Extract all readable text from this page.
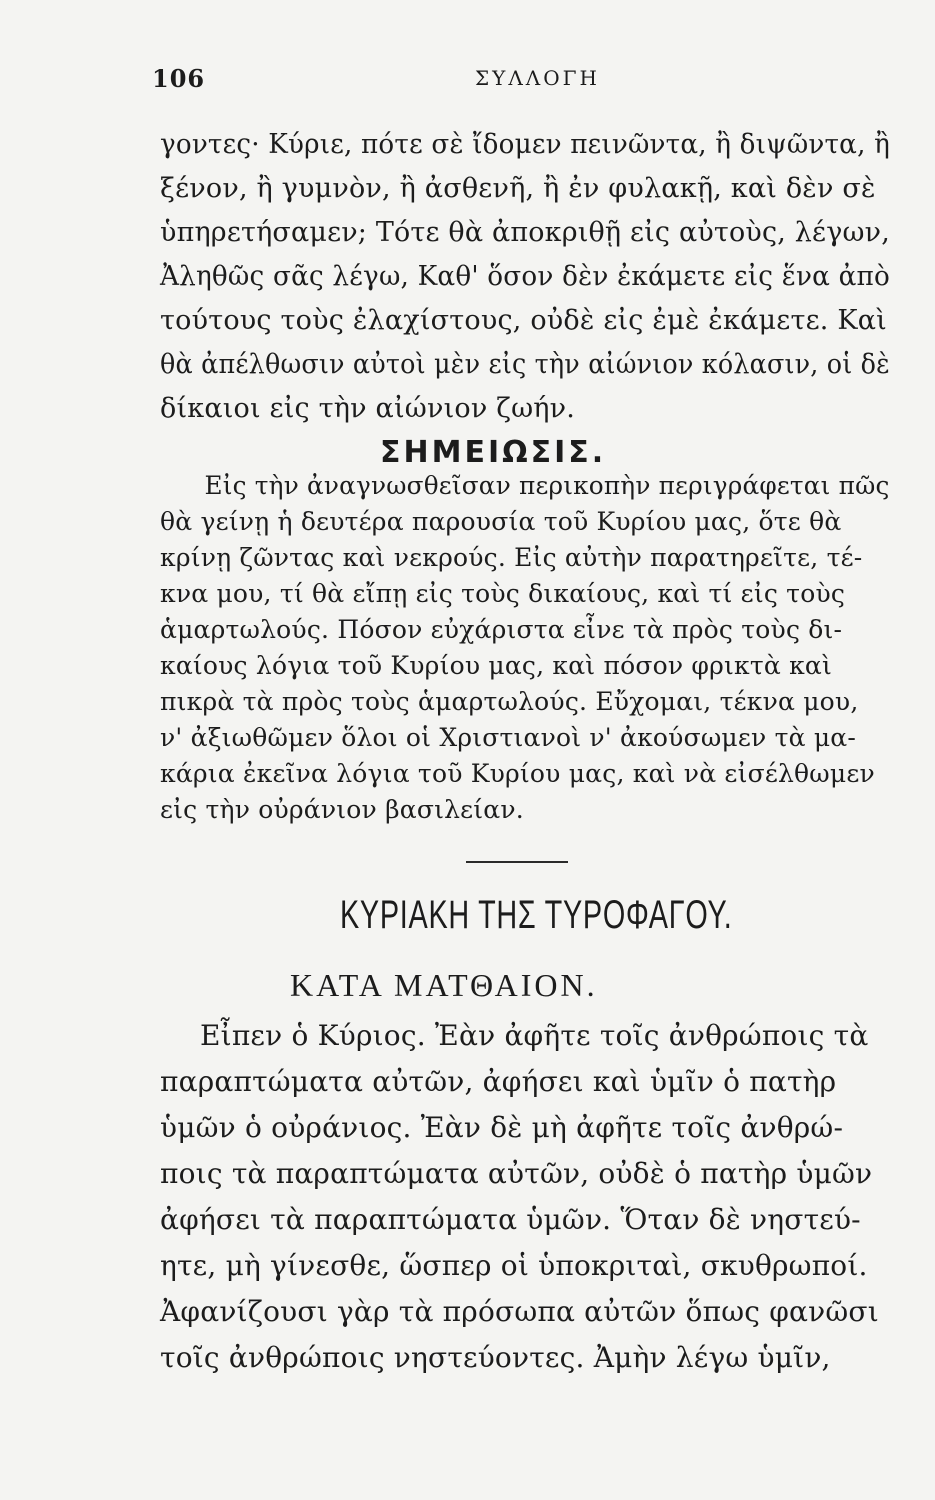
106	ΣΥΛΛΟΓΗ
γοντες· Κύριε, πότε σὲ ἴδομεν πεινῶντα, ἢ διψῶντα, ἢ
ξένον, ἢ γυμνὸν, ἢ ἀσθενῆ, ἢ ἐν φυλακῇ, καὶ δὲν σὲ
ὑπηρετήσαμεν; Τότε θὰ ἀποκριθῇ εἰς αὐτοὺς, λέγων,
Ἀληθῶς σᾶς λέγω, Καθ' ὅσον δὲν ἐκάμετε εἰς ἕνα ἀπὸ
τούτους τοὺς ἐλαχίστους, οὐδὲ εἰς ἐμὲ ἐκάμετε. Καὶ
θὰ ἀπέλθωσιν αὐτοὶ μὲν εἰς τὴν αἰώνιον κόλασιν, οἱ δὲ
δίκαιοι εἰς τὴν αἰώνιον ζωήν.
ΣΗΜΕΙΩΣΙΣ.
Εἰς τὴν ἀναγνωσθεῖσαν περικοπὴν περιγράφεται πῶς
θὰ γείνῃ ἡ δευτέρα παρουσία τοῦ Κυρίου μας, ὅτε θὰ
κρίνῃ ζῶντας καὶ νεκρούς. Εἰς αὐτὴν παρατηρεῖτε, τέ-
κνα μου, τί θὰ εἴπῃ εἰς τοὺς δικαίους, καὶ τί εἰς τοὺς
ἁμαρτωλούς. Πόσον εὐχάριστα εἶνε τὰ πρὸς τοὺς δι-
καίους λόγια τοῦ Κυρίου μας, καὶ πόσον φρικτὰ καὶ
πικρὰ τὰ πρὸς τοὺς ἁμαρτωλούς. Εὔχομαι, τέκνα μου,
ν' ἀξιωθῶμεν ὅλοι οἱ Χριστιανοὶ ν' ἀκούσωμεν τὰ μα-
κάρια ἐκεῖνα λόγια τοῦ Κυρίου μας, καὶ νὰ εἰσέλθωμεν
εἰς τὴν οὐράνιον βασιλείαν.
ΚΥΡΙΑΚΗ ΤΗΣ ΤΥΡΟΦΑΓΟΥ.
ΚΑΤΑ ΜΑΤΘΑΙΟΝ.
Εἶπεν ὁ Κύριος. Ἐὰν ἀφῆτε τοῖς ἀνθρώποις τὰ
παραπτώματα αὐτῶν, ἀφήσει καὶ ὑμῖν ὁ πατὴρ
ὑμῶν ὁ οὐράνιος. Ἐὰν δὲ μὴ ἀφῆτε τοῖς ἀνθρώ-
ποις τὰ παραπτώματα αὐτῶν, οὐδὲ ὁ πατὴρ ὑμῶν
ἀφήσει τὰ παραπτώματα ὑμῶν. Ὅταν δὲ νηστεύ-
ητε, μὴ γίνεσθε, ὥσπερ οἱ ὑποκριταὶ, σκυθρωποί.
Ἀφανίζουσι γὰρ τὰ πρόσωπα αὐτῶν ὅπως φανῶσι
τοῖς ἀνθρώποις νηστεύοντες. Ἀμὴν λέγω ὑμῖν,
